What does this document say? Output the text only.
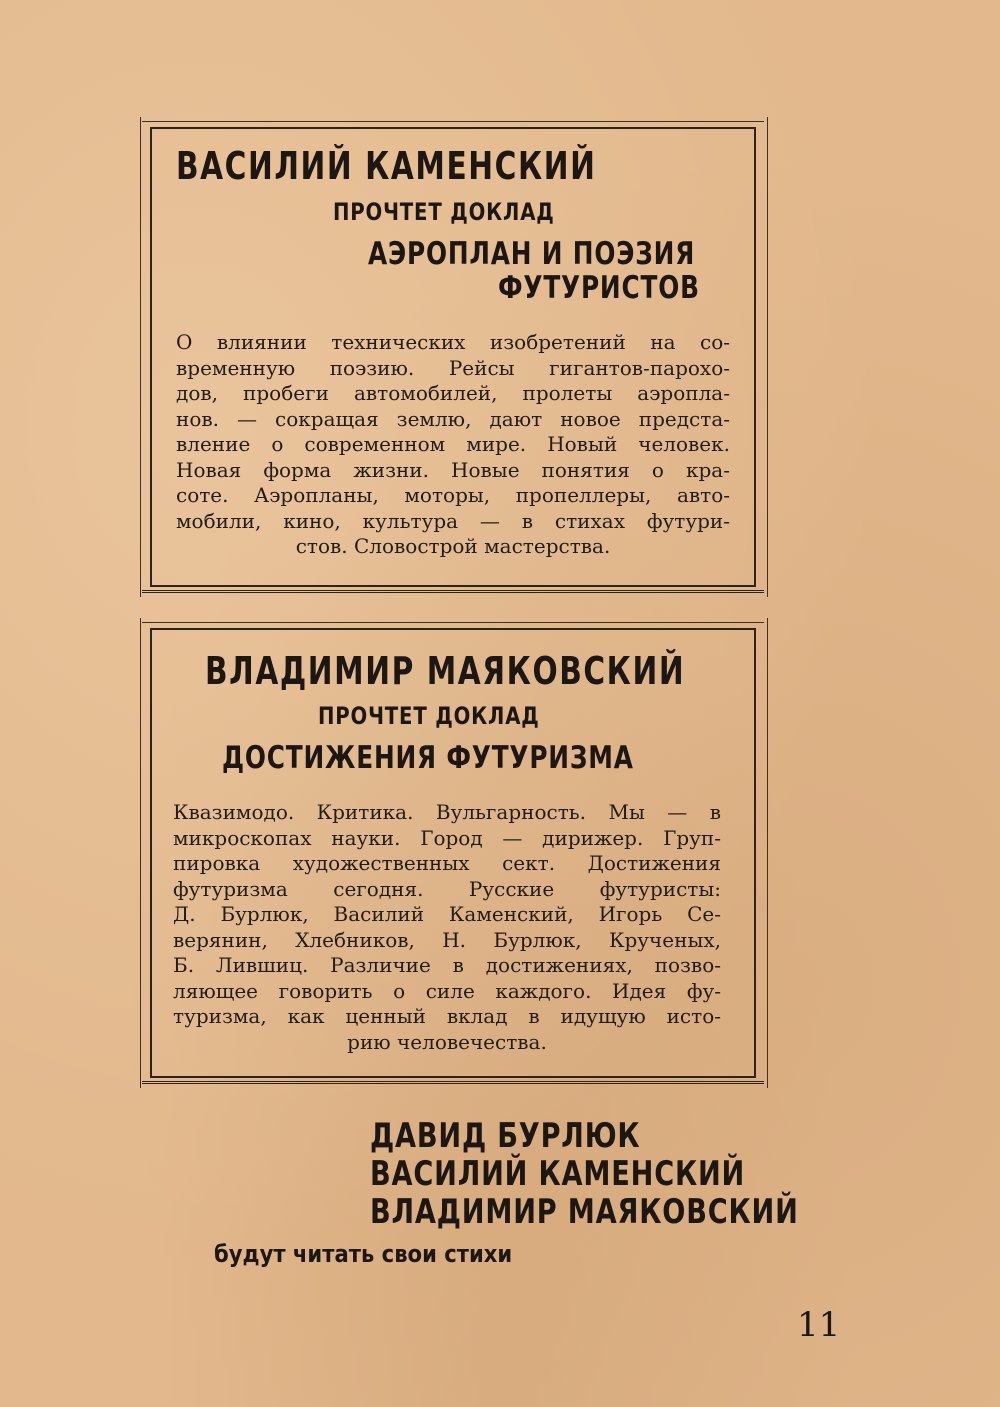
ВАСИЛИЙ КАМЕНСКИЙ
ПРОЧТЕТ ДОКЛАД
АЭРОПЛАН И ПОЭЗИЯ
ФУТУРИСТОВ
О влиянии технических изобретений на со-
временную поэзию. Рейсы гигантов-парохо-
дов, пробеги автомобилей, пролеты аэропла-
нов. — сокращая землю, дают новое предста-
вление о современном мире. Новый человек.
Новая форма жизни. Новые понятия о кра-
соте. Аэропланы, моторы, пропеллеры, авто-
мобили, кино, культура — в стихах футури-
стов. Словострой мастерства.
ВЛАДИМИР МАЯКОВСКИЙ
ПРОЧТЕТ ДОКЛАД
ДОСТИЖЕНИЯ ФУТУРИЗМА
Квазимодо. Критика. Вульгарность. Мы — в
микроскопах науки. Город — дирижер. Груп-
пировка художественных сект. Достижения
футуризма сегодня. Русские футуристы:
Д. Бурлюк, Василий Каменский, Игорь Се-
верянин, Хлебников, Н. Бурлюк, Крученых,
Б. Лившиц. Различие в достижениях, позво-
ляющее говорить о силе каждого. Идея фу-
туризма, как ценный вклад в идущую исто-
рию человечества.
ДАВИД БУРЛЮК
ВАСИЛИЙ КАМЕНСКИЙ
ВЛАДИМИР МАЯКОВСКИЙ
будут читать свои стихи
11
